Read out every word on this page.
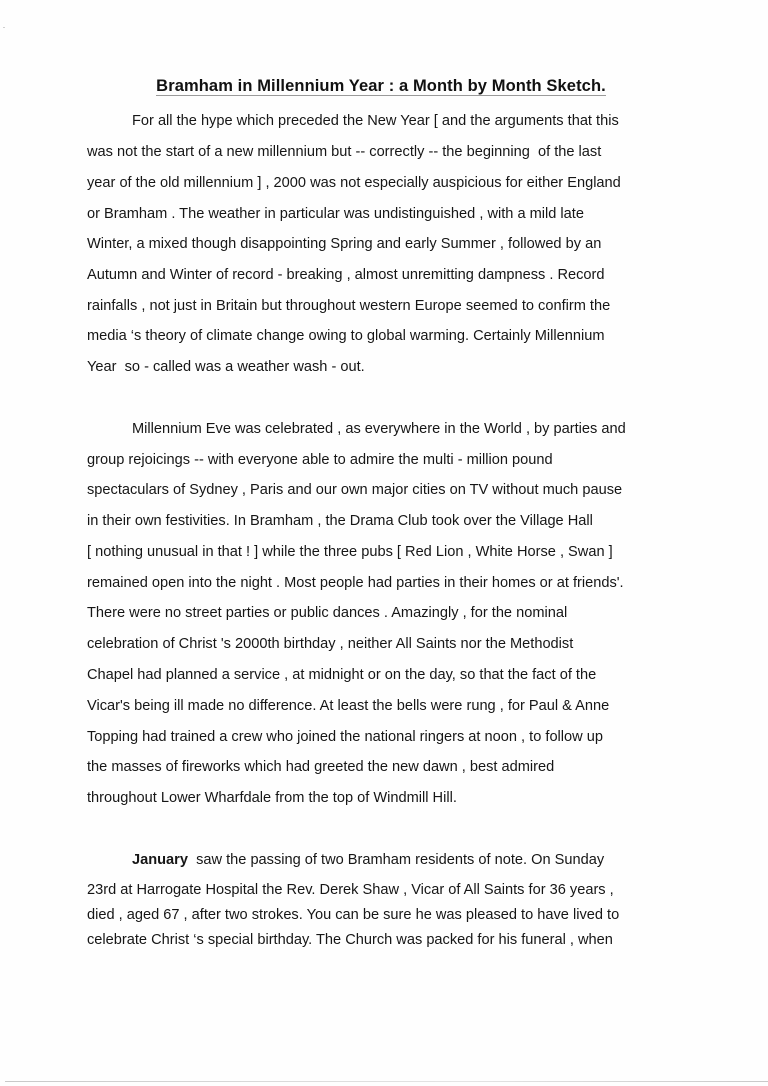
Bramham in Millennium Year : a Month by Month Sketch.
For all the hype which preceded the New Year [ and the arguments that this
was not the start of a new millennium but -- correctly -- the beginning  of the last
year of the old millennium ] , 2000 was not especially auspicious for either England
or Bramham . The weather in particular was undistinguished , with a mild late
Winter, a mixed though disappointing Spring and early Summer , followed by an
Autumn and Winter of record - breaking , almost unremitting dampness . Record
rainfalls , not just in Britain but throughout western Europe seemed to confirm the
media ‘s theory of climate change owing to global warming. Certainly Millennium
Year  so - called was a weather wash - out.
Millennium Eve was celebrated , as everywhere in the World , by parties and
group rejoicings -- with everyone able to admire the multi - million pound
spectaculars of Sydney , Paris and our own major cities on TV without much pause
in their own festivities. In Bramham , the Drama Club took over the Village Hall
[ nothing unusual in that ! ] while the three pubs [ Red Lion , White Horse , Swan ]
remained open into the night . Most people had parties in their homes or at friends'.
There were no street parties or public dances . Amazingly , for the nominal
celebration of Christ 's 2000th birthday , neither All Saints nor the Methodist
Chapel had planned a service , at midnight or on the day, so that the fact of the
Vicar's being ill made no difference. At least the bells were rung , for Paul & Anne
Topping had trained a crew who joined the national ringers at noon , to follow up
the masses of fireworks which had greeted the new dawn , best admired
throughout Lower Wharfdale from the top of Windmill Hill.
January  saw the passing of two Bramham residents of note. On Sunday
23rd at Harrogate Hospital the Rev. Derek Shaw , Vicar of All Saints for 36 years ,
died , aged 67 , after two strokes. You can be sure he was pleased to have lived to
celebrate Christ ‘s special birthday. The Church was packed for his funeral , when
